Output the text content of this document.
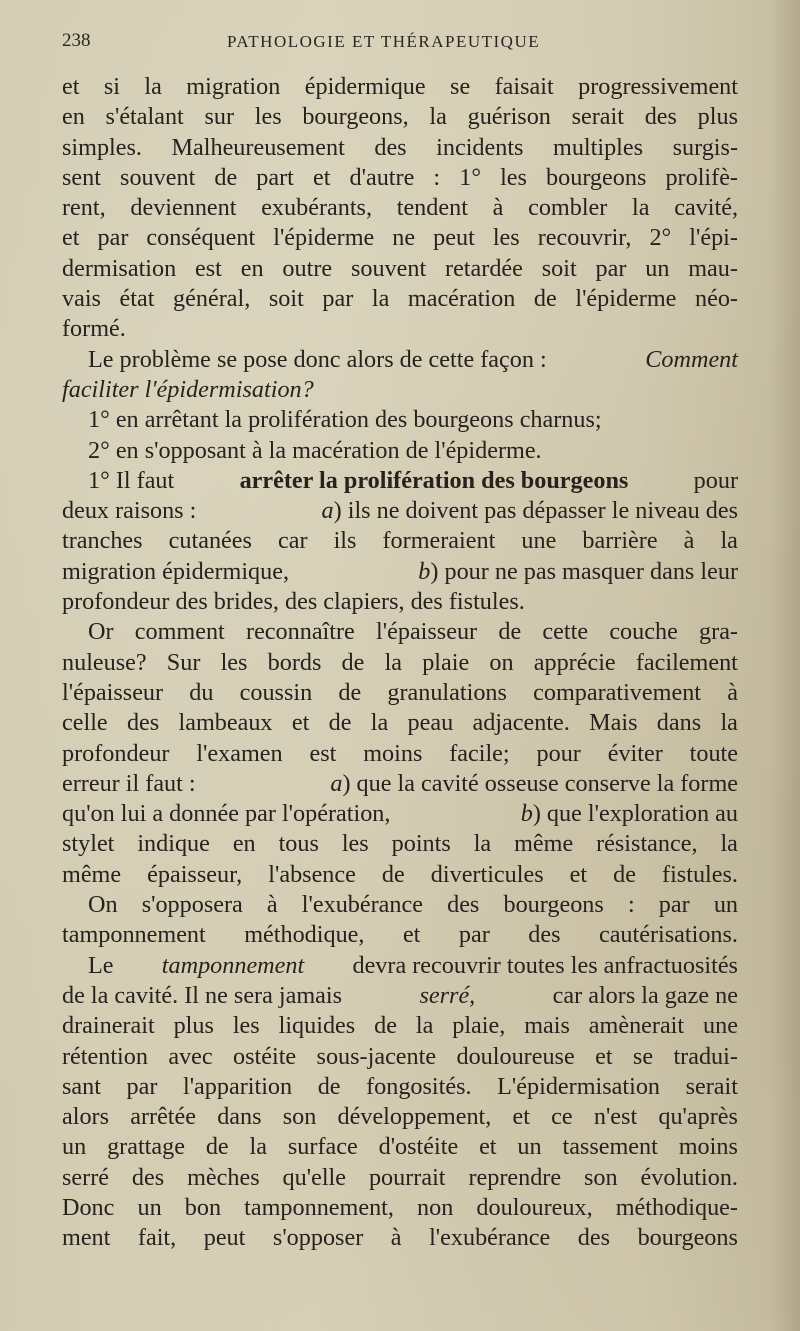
238	PATHOLOGIE ET THÉRAPEUTIQUE
et si la migration épidermique se faisait progressivement
en s'étalant sur les bourgeons, la guérison serait des plus
simples. Malheureusement des incidents multiples surgis-
sent souvent de part et d'autre : 1° les bourgeons prolifè-
rent, deviennent exubérants, tendent à combler la cavité,
et par conséquent l'épiderme ne peut les recouvrir, 2° l'épi-
dermisation est en outre souvent retardée soit par un mau-
vais état général, soit par la macération de l'épiderme néo-
formé.
Le problème se pose donc alors de cette façon :	Comment
faciliter l'épidermisation?
1° en arrêtant la prolifération des bourgeons charnus;
2° en s'opposant à la macération de l'épiderme.
1° Il faut	arrêter la prolifération des bourgeons	pour
deux raisons :	a) ils ne doivent pas dépasser le niveau des
tranches cutanées car ils formeraient une barrière à la
migration épidermique,	b) pour ne pas masquer dans leur
profondeur des brides, des clapiers, des fistules.
Or comment reconnaître l'épaisseur de cette couche gra-
nuleuse? Sur les bords de la plaie on apprécie facilement
l'épaisseur du coussin de granulations comparativement à
celle des lambeaux et de la peau adjacente. Mais dans la
profondeur l'examen est moins facile; pour éviter toute
erreur il faut :	a) que la cavité osseuse conserve la forme
qu'on lui a donnée par l'opération,	b) que l'exploration au
stylet indique en tous les points la même résistance, la
même épaisseur, l'absence de diverticules et de fistules.
On s'opposera à l'exubérance des bourgeons : par un
tamponnement méthodique, et par des cautérisations.
Le tamponnement devra recouvrir toutes les anfractuosités
de la cavité. Il ne sera jamais	serré,	car alors la gaze ne
drainerait plus les liquides de la plaie, mais amènerait une
rétention avec ostéite sous-jacente douloureuse et se tradui-
sant par l'apparition de fongosités. L'épidermisation serait
alors arrêtée dans son développement, et ce n'est qu'après
un grattage de la surface d'ostéite et un tassement moins
serré des mèches qu'elle pourrait reprendre son évolution.
Donc un bon tamponnement, non douloureux, méthodique-
ment fait, peut s'opposer à l'exubérance des bourgeons
